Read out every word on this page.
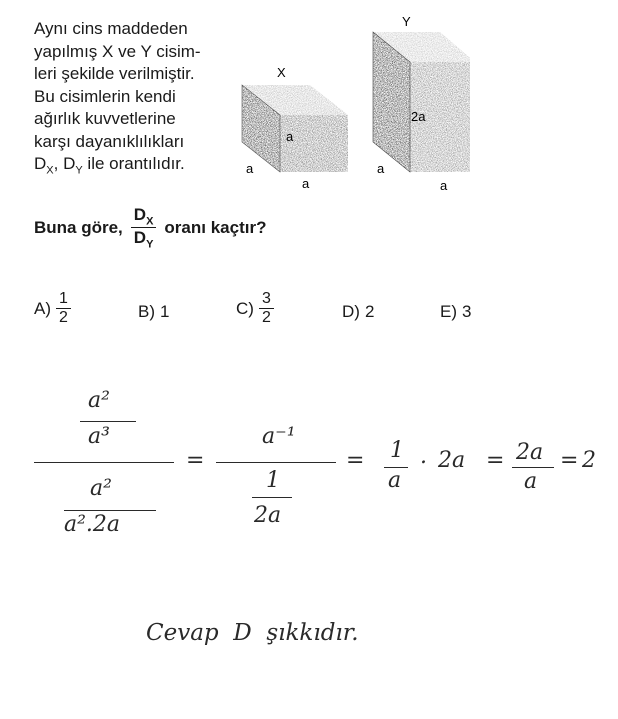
Aynı cins maddeden
yapılmış X ve Y cisim-
leri şekilde verilmiştir.
Bu cisimlerin kendi
ağırlık kuvvetlerine
karşı dayanıklılıkları
$D_X$, $D_Y$ ile orantılıdır.
X
Y
a
a
a
2a
a
a
Buna göre, $\frac{D_X}{D_Y}$ oranı kaçtır?
$A) \frac{1}{2}$	B) 1	$C) \frac{3}{2}$	D) 2	E) 3
a²
a³
a²
a².2a
=
a⁻¹
1
2a
= 1
a
. 2a = 2a
a
= 2
Cevap  D  şıkkıdır.
